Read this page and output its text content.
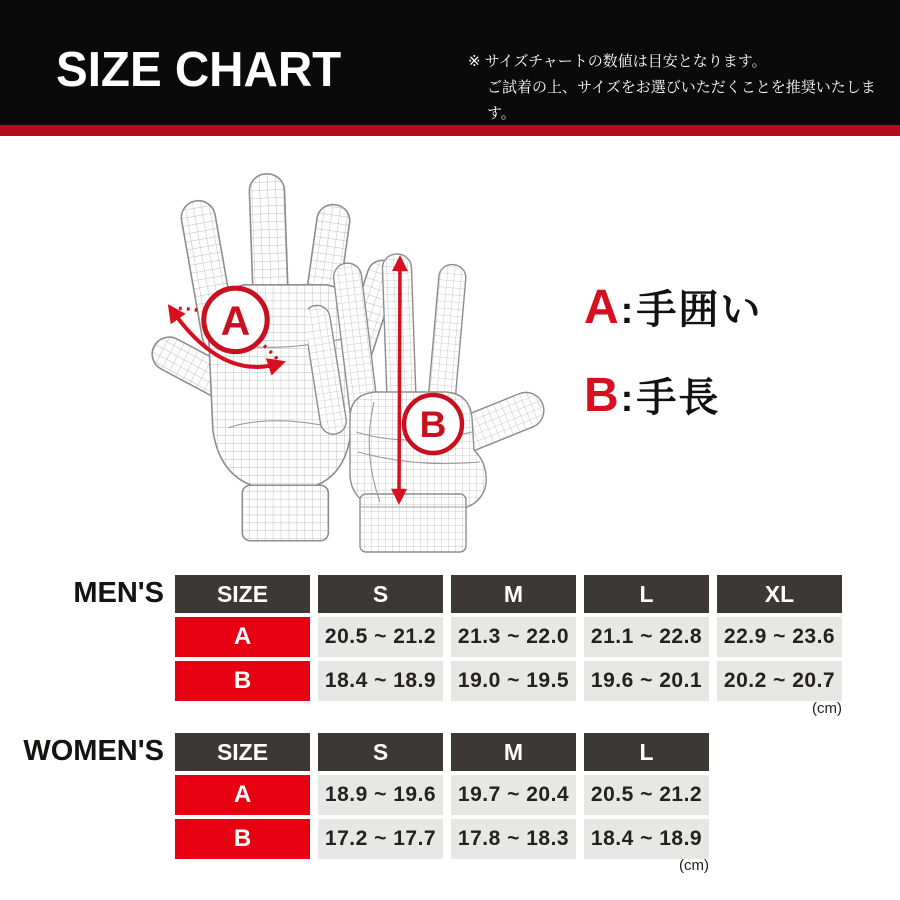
SIZE CHART	※ サイズチャートの数値は目安となります。
ご試着の上、サイズをお選びいただくことを推奨いたします。
A
B
A : 手囲い
B : 手長
MEN'S	SIZE	S	M	L	XL
A	20.5 ~ 21.2	21.3 ~ 22.0	21.1 ~ 22.8	22.9 ~ 23.6
B	18.4 ~ 18.9	19.0 ~ 19.5	19.6 ~ 20.1	20.2 ~ 20.7
(cm)
WOMEN'S	SIZE	S	M	L
A	18.9 ~ 19.6	19.7 ~ 20.4	20.5 ~ 21.2
B	17.2 ~ 17.7	17.8 ~ 18.3	18.4 ~ 18.9
(cm)
